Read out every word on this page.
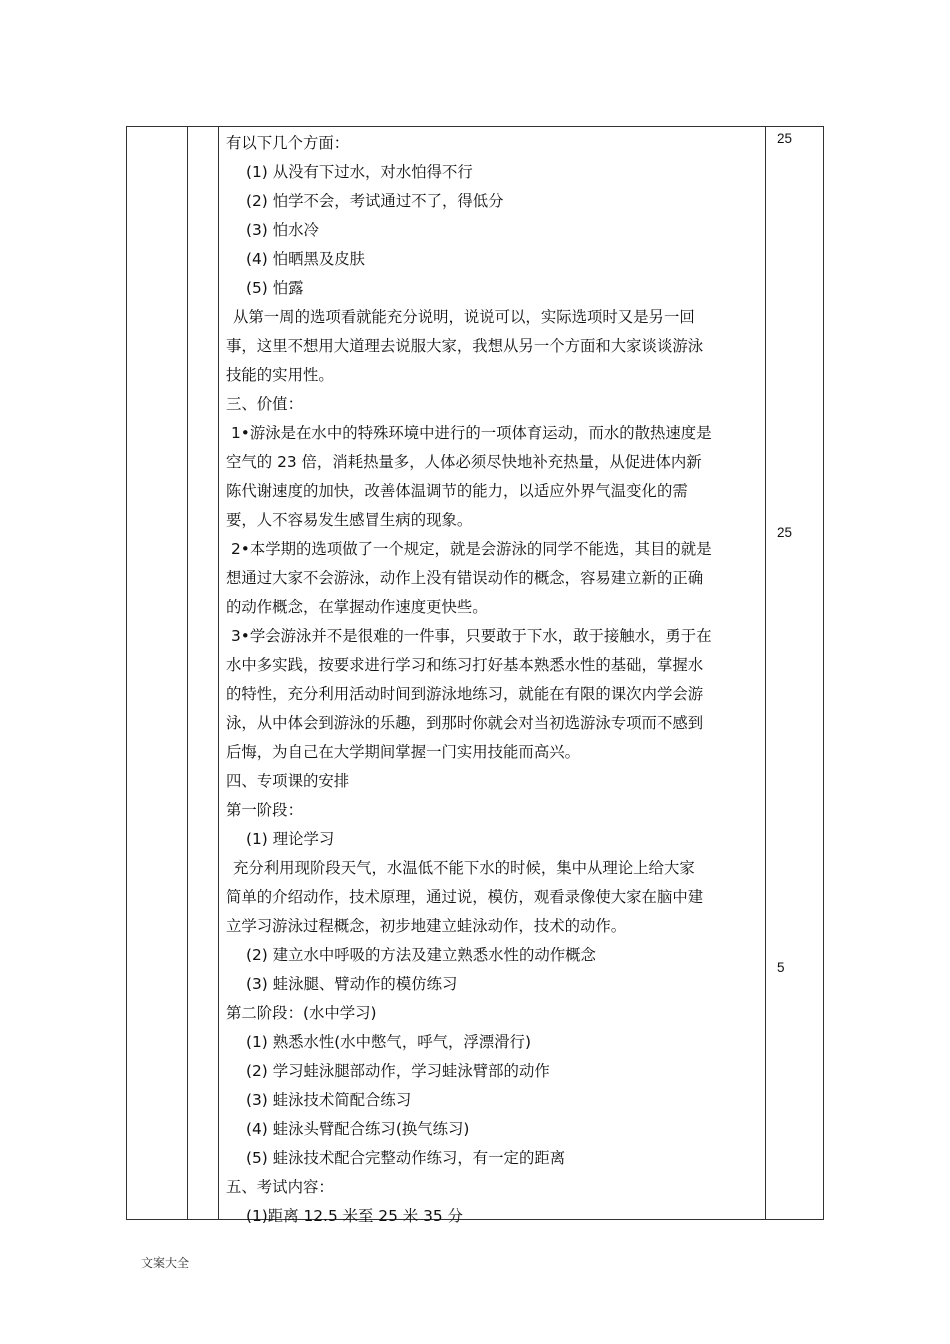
有以下几个方面：
(1) 从没有下过水，对水怕得不行
(2) 怕学不会，考试通过不了，得低分
(3) 怕水冷
(4) 怕晒黑及皮肤
(5) 怕露
从第一周的选项看就能充分说明，说说可以，实际选项时又是另一回
事，这里不想用大道理去说服大家，我想从另一个方面和大家谈谈游泳
技能的实用性。
三、价值：
1•游泳是在水中的特殊环境中进行的一项体育运动，而水的散热速度是
空气的 23 倍，消耗热量多，人体必须尽快地补充热量，从促进体内新
陈代谢速度的加快，改善体温调节的能力，以适应外界气温变化的需
要，人不容易发生感冒生病的现象。
2•本学期的选项做了一个规定，就是会游泳的同学不能选，其目的就是
想通过大家不会游泳，动作上没有错误动作的概念，容易建立新的正确
的动作概念，在掌握动作速度更快些。
3•学会游泳并不是很难的一件事，只要敢于下水，敢于接触水，勇于在
水中多实践，按要求进行学习和练习打好基本熟悉水性的基础，掌握水
的特性，充分利用活动时间到游泳地练习，就能在有限的课次内学会游
泳，从中体会到游泳的乐趣，到那时你就会对当初选游泳专项而不感到
后悔，为自己在大学期间掌握一门实用技能而高兴。
四、专项课的安排
第一阶段：
(1) 理论学习
充分利用现阶段天气，水温低不能下水的时候，集中从理论上给大家
简单的介绍动作，技术原理，通过说，模仿，观看录像使大家在脑中建
立学习游泳过程概念，初步地建立蛙泳动作，技术的动作。
(2) 建立水中呼吸的方法及建立熟悉水性的动作概念
(3) 蛙泳腿、臂动作的模仿练习
第二阶段：(水中学习)
(1) 熟悉水性(水中憋气，呼气，浮漂滑行)
(2) 学习蛙泳腿部动作，学习蛙泳臂部的动作
(3) 蛙泳技术简配合练习
(4) 蛙泳头臂配合练习(换气练习)
(5) 蛙泳技术配合完整动作练习，有一定的距离
五、考试内容：
(1)距离 12.5 米至 25 米 35 分
25
25
5
文案大全
